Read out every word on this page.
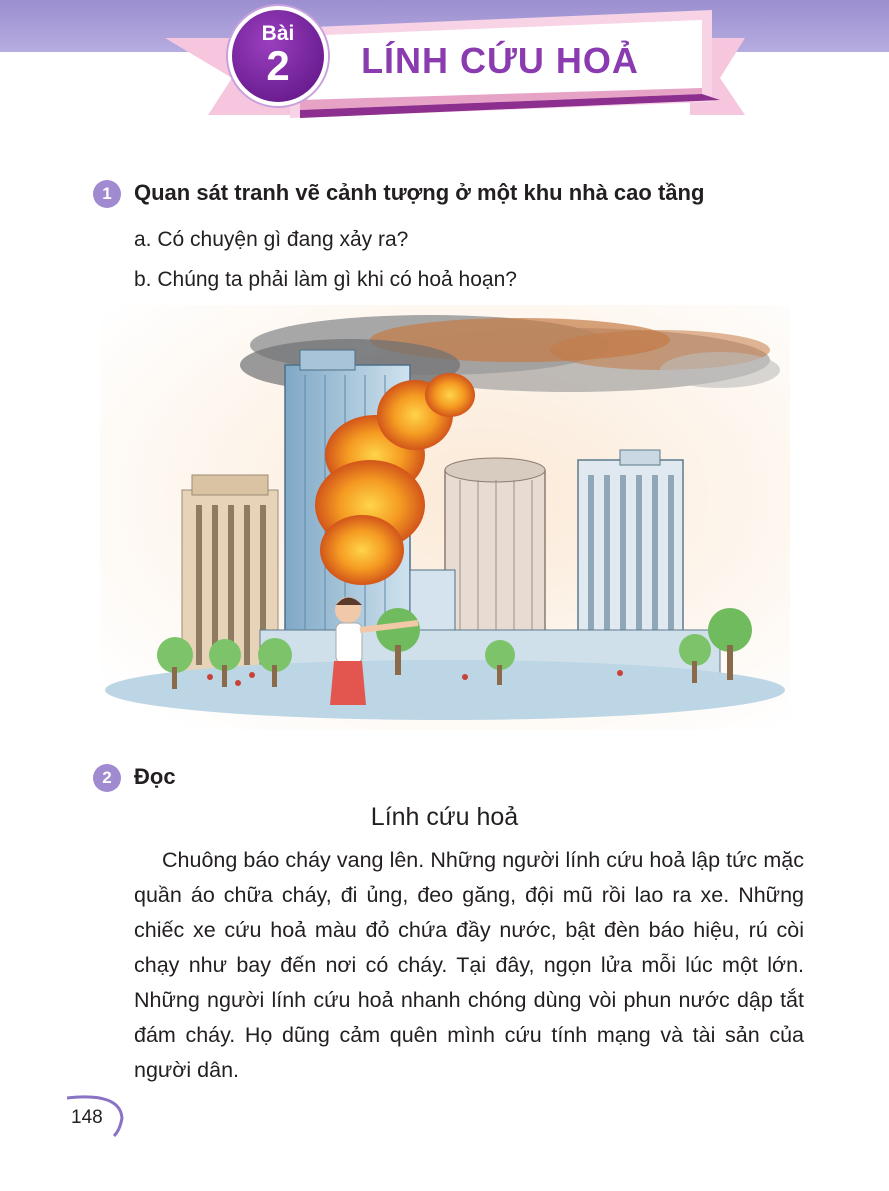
Bài
2	LÍNH CỨU HOẢ
1	Quan sát tranh vẽ cảnh tượng ở một khu nhà cao tầng
a. Có chuyện gì đang xảy ra?
b. Chúng ta phải làm gì khi có hoả hoạn?
2	Đọc
Lính cứu hoả

Chuông báo cháy vang lên. Những người lính cứu hoả lập tức mặc quần áo chữa cháy, đi ủng, đeo găng, đội mũ rồi lao ra xe. Những chiếc xe cứu hoả màu đỏ chứa đầy nước, bật đèn báo hiệu, rú còi chạy như bay đến nơi có cháy. Tại đây, ngọn lửa mỗi lúc một lớn. Những người lính cứu hoả nhanh chóng dùng vòi phun nước dập tắt đám cháy. Họ dũng cảm quên mình cứu tính mạng và tài sản của người dân.

148
